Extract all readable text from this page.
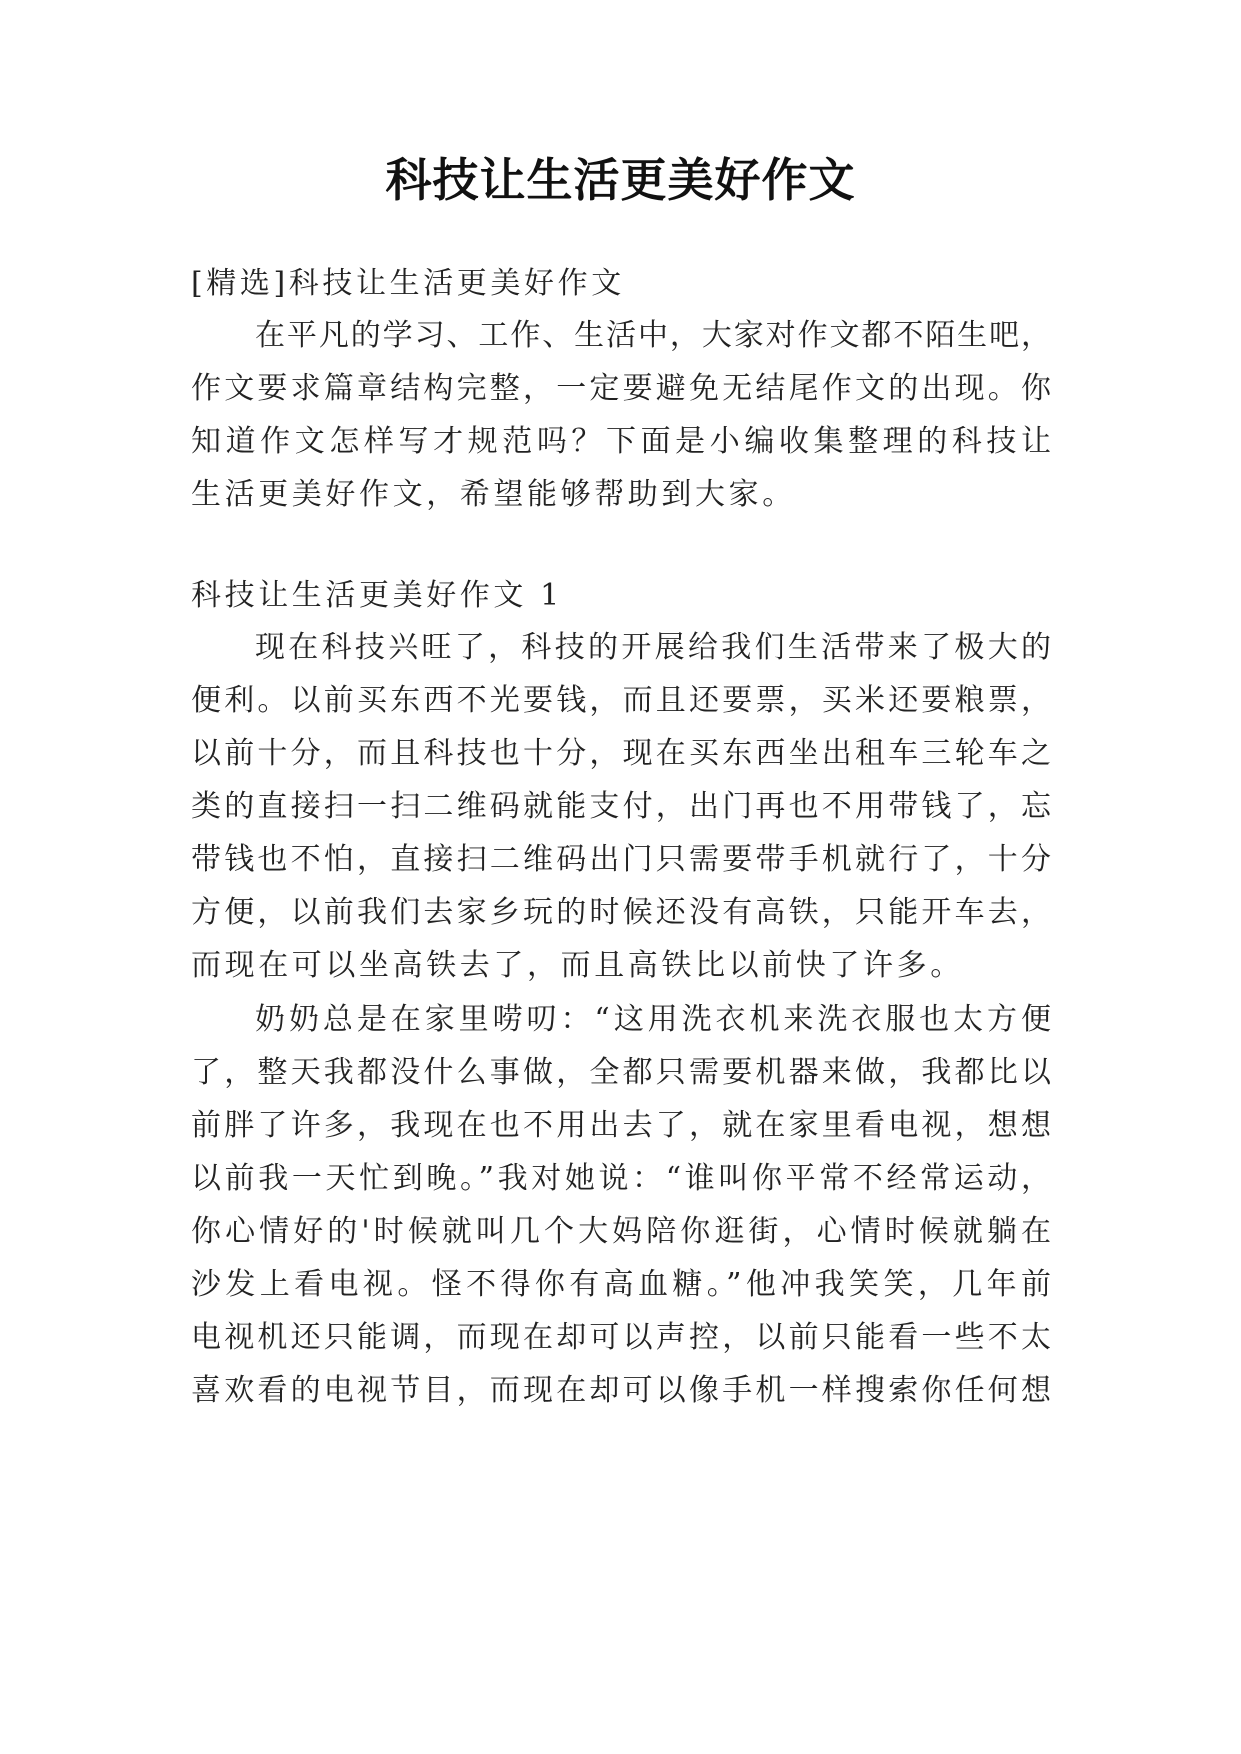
科技让生活更美好作文
[精选]科技让生活更美好作文
在平凡的学习、工作、生活中，大家对作文都不陌生吧，
作文要求篇章结构完整，一定要避免无结尾作文的出现。你
知道作文怎样写才规范吗？下面是小编收集整理的科技让
生活更美好作文，希望能够帮助到大家。
科技让生活更美好作文 1
现在科技兴旺了，科技的开展给我们生活带来了极大的
便利。以前买东西不光要钱，而且还要票，买米还要粮票，
以前十分，而且科技也十分，现在买东西坐出租车三轮车之
类的直接扫一扫二维码就能支付，出门再也不用带钱了，忘
带钱也不怕，直接扫二维码出门只需要带手机就行了，十分
方便，以前我们去家乡玩的时候还没有高铁，只能开车去，
而现在可以坐高铁去了，而且高铁比以前快了许多。
奶奶总是在家里唠叨：“这用洗衣机来洗衣服也太方便
了，整天我都没什么事做，全都只需要机器来做，我都比以
前胖了许多，我现在也不用出去了，就在家里看电视，想想
以前我一天忙到晚。”我对她说：“谁叫你平常不经常运动，
你心情好的'时候就叫几个大妈陪你逛街，心情时候就躺在
沙发上看电视。怪不得你有高血糖。”他冲我笑笑，几年前
电视机还只能调，而现在却可以声控，以前只能看一些不太
喜欢看的电视节目，而现在却可以像手机一样搜索你任何想
